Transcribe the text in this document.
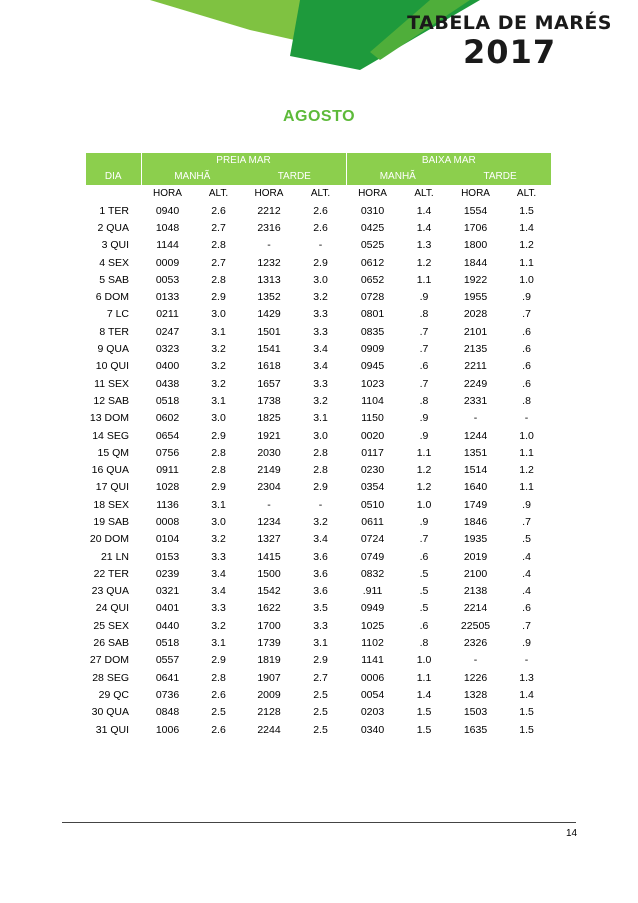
TABELA DE MARÉS
2017
AGOSTO
	PREIA MAR				BAIXA MAR			
DIA	MANHÃ		TARDE		MANHÃ		TARDE	
	HORA	ALT.	HORA	ALT.	HORA	ALT.	HORA	ALT.
1 TER	0940	2.6	2212	2.6	0310	1.4	1554	1.5
2 QUA	1048	2.7	2316	2.6	0425	1.4	1706	1.4
3 QUI	1144	2.8	-	-	0525	1.3	1800	1.2
4 SEX	0009	2.7	1232	2.9	0612	1.2	1844	1.1
5 SAB	0053	2.8	1313	3.0	0652	1.1	1922	1.0
6 DOM	0133	2.9	1352	3.2	0728	.9	1955	.9
7 LC	0211	3.0	1429	3.3	0801	.8	2028	.7
8 TER	0247	3.1	1501	3.3	0835	.7	2101	.6
9 QUA	0323	3.2	1541	3.4	0909	.7	2135	.6
10 QUI	0400	3.2	1618	3.4	0945	.6	2211	.6
11 SEX	0438	3.2	1657	3.3	1023	.7	2249	.6
12 SAB	0518	3.1	1738	3.2	1104	.8	2331	.8
13 DOM	0602	3.0	1825	3.1	1150	.9	-	-
14 SEG	0654	2.9	1921	3.0	0020	.9	1244	1.0
15 QM	0756	2.8	2030	2.8	0117	1.1	1351	1.1
16 QUA	0911	2.8	2149	2.8	0230	1.2	1514	1.2
17 QUI	1028	2.9	2304	2.9	0354	1.2	1640	1.1
18 SEX	1136	3.1	-	-	0510	1.0	1749	.9
19 SAB	0008	3.0	1234	3.2	0611	.9	1846	.7
20 DOM	0104	3.2	1327	3.4	0724	.7	1935	.5
21 LN	0153	3.3	1415	3.6	0749	.6	2019	.4
22 TER	0239	3.4	1500	3.6	0832	.5	2100	.4
23 QUA	0321	3.4	1542	3.6	.911	.5	2138	.4
24 QUI	0401	3.3	1622	3.5	0949	.5	2214	.6
25 SEX	0440	3.2	1700	3.3	1025	.6	22505	.7
26 SAB	0518	3.1	1739	3.1	1102	.8	2326	.9
27 DOM	0557	2.9	1819	2.9	1141	1.0	-	-
28 SEG	0641	2.8	1907	2.7	0006	1.1	1226	1.3
29 QC	0736	2.6	2009	2.5	0054	1.4	1328	1.4
30 QUA	0848	2.5	2128	2.5	0203	1.5	1503	1.5
31 QUI	1006	2.6	2244	2.5	0340	1.5	1635	1.5
14
